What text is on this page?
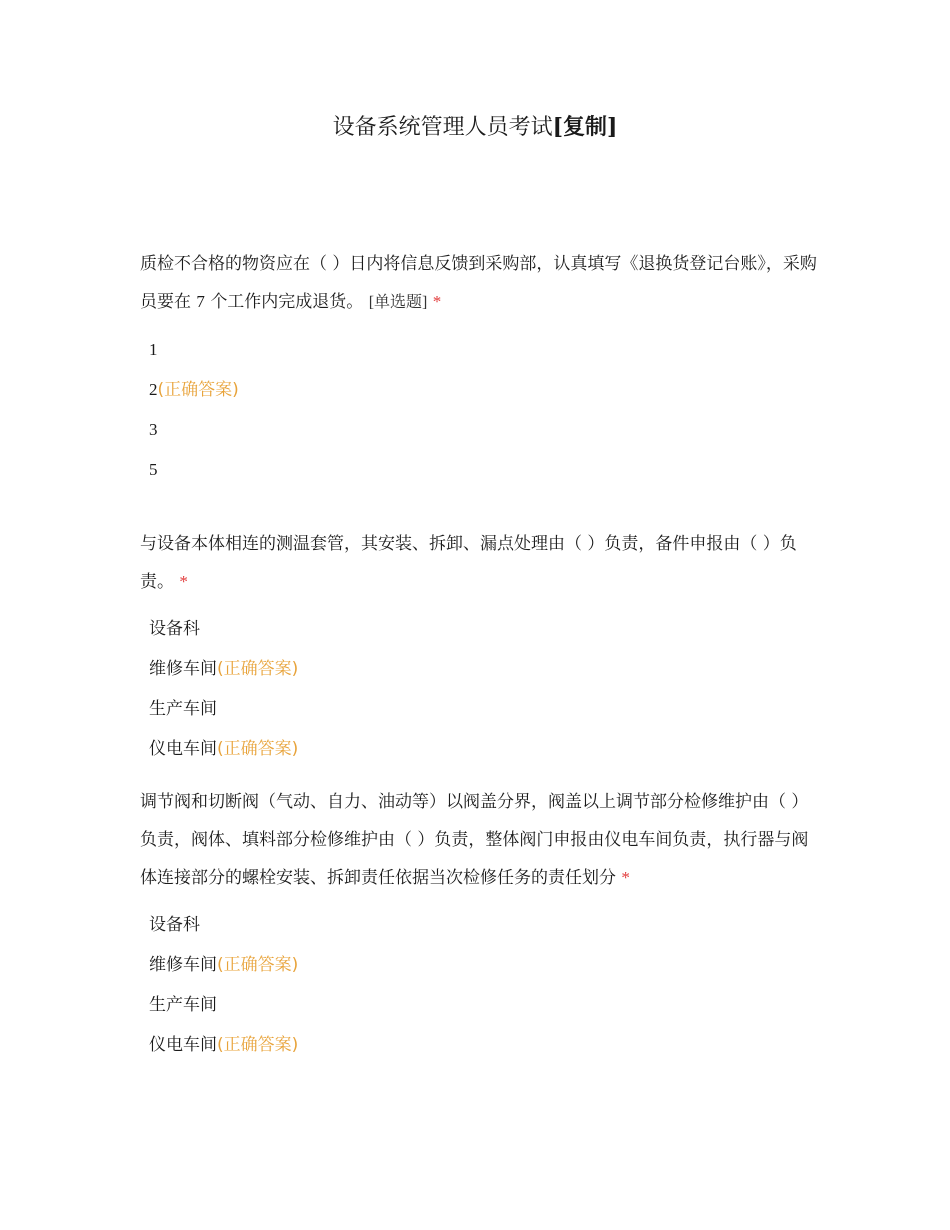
设备系统管理人员考试[复制]

质检不合格的物资应在（ ）日内将信息反馈到采购部，认真填写《退换货登记台账》，采购员要在 7 个工作内完成退货。 [单选题] *

1
2(正确答案)
3
5

与设备本体相连的测温套管，其安装、拆卸、漏点处理由（ ）负责，备件申报由（ ）负责。 *

设备科
维修车间(正确答案)
生产车间
仪电车间(正确答案)

调节阀和切断阀（气动、自力、油动等）以阀盖分界，阀盖以上调节部分检修维护由（ ）负责，阀体、填料部分检修维护由（ ）负责，整体阀门申报由仪电车间负责，执行器与阀体连接部分的螺栓安装、拆卸责任依据当次检修任务的责任划分 *

设备科
维修车间(正确答案)
生产车间
仪电车间(正确答案)
